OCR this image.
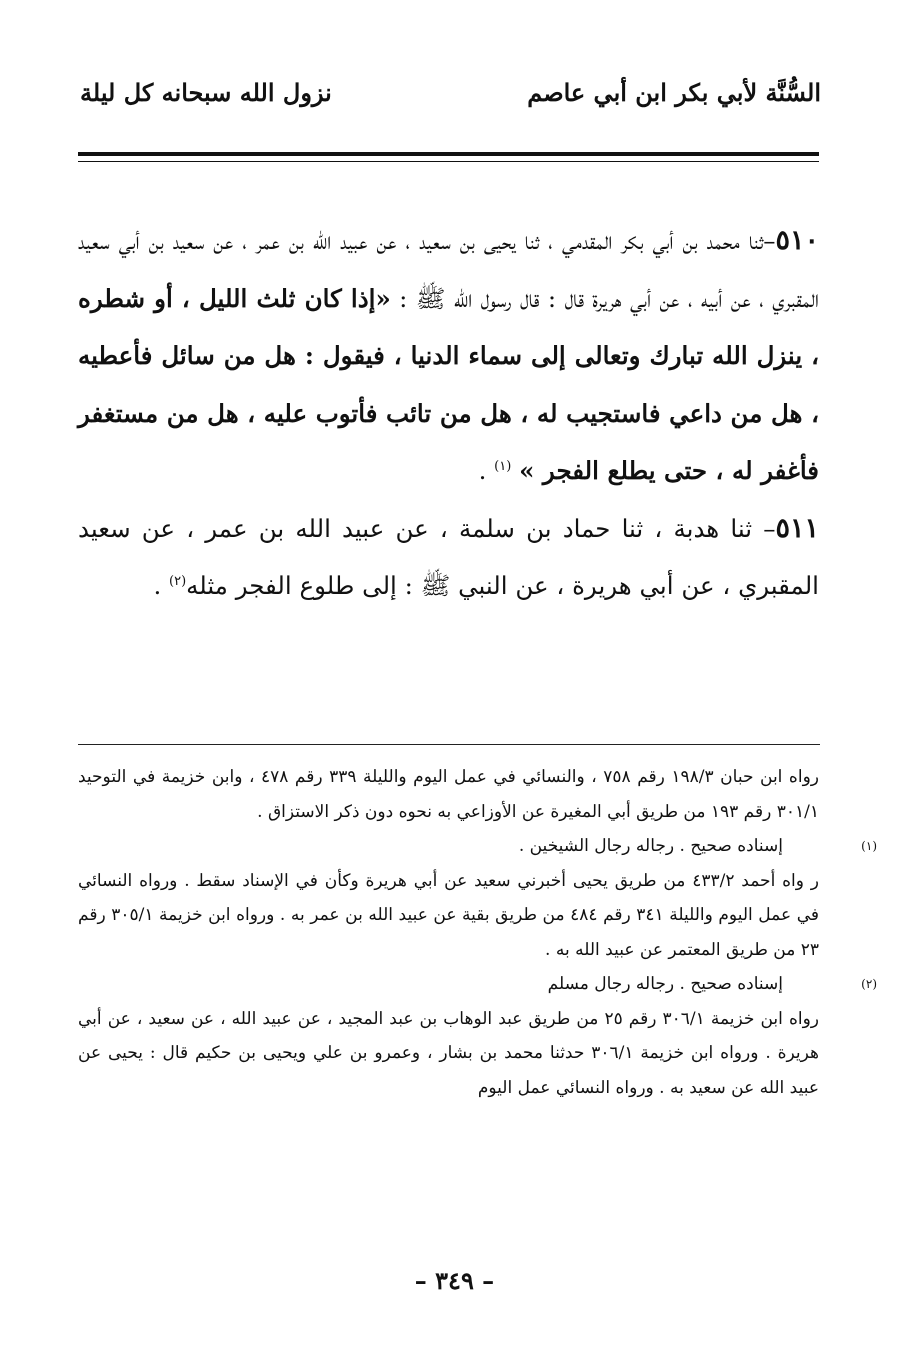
السُّنَّة لأبي بكر ابن أبي عاصم
نزول الله سبحانه كل ليلة

٥١٠–ثنا محمد بن أبي بكر المقدمي ، ثنا يحيى بن سعيد ، عن عبيد الله بن عمر ، عن سعيد بن أبي سعيد المقبري ، عن أبيه ، عن أبي هريرة قال : قال رسول الله ﷺ : «إذا كان ثلث الليل ، أو شطره ، ينزل الله تبارك وتعالى إلى سماء الدنيا ، فيقول : هل من سائل فأعطيه ، هل من داعي فاستجيب له ، هل من تائب فأتوب عليه ، هل من مستغفر فأغفر له ، حتى يطلع الفجر » $^{(١)}$ .

٥١١– ثنا هدبة ، ثنا حماد بن سلمة ، عن عبيد الله بن عمر ، عن سعيد المقبري ، عن أبي هريرة ، عن النبي ﷺ : إلى طلوع الفجر مثله$^{(٢)}$ .

رواه ابن حبان ١٩٨/٣ رقم ٧٥٨ ، والنسائي في عمل اليوم والليلة ٣٣٩ رقم ٤٧٨ ، وابن خزيمة في التوحيد ٣٠١/١ رقم ١٩٣ من طريق أبي المغيرة عن الأوزاعي به نحوه دون ذكر الاستزاق .

(١)

إسناده صحيح . رجاله رجال الشيخين .

ر واه أحمد ٤٣٣/٢ من طريق يحيى أخبرني سعيد عن أبي هريرة وكأن في الإسناد سقط . ورواه النسائي في عمل اليوم والليلة ٣٤١ رقم ٤٨٤ من طريق بقية عن عبيد الله بن عمر به . ورواه ابن خزيمة ٣٠٥/١ رقم ٢٣ من طريق المعتمر عن عبيد الله به .

(٢)

إسناده صحيح . رجاله رجال مسلم

رواه ابن خزيمة ٣٠٦/١ رقم ٢٥ من طريق عبد الوهاب بن عبد المجيد ، عن عبيد الله ، عن سعيد ، عن أبي هريرة . ورواه ابن خزيمة ٣٠٦/١ حدثنا محمد بن بشار ، وعمرو بن علي ويحيى بن حكيم قال : يحيى عن عبيد الله عن سعيد به . ورواه النسائي عمل اليوم

– ٣٤٩ –
